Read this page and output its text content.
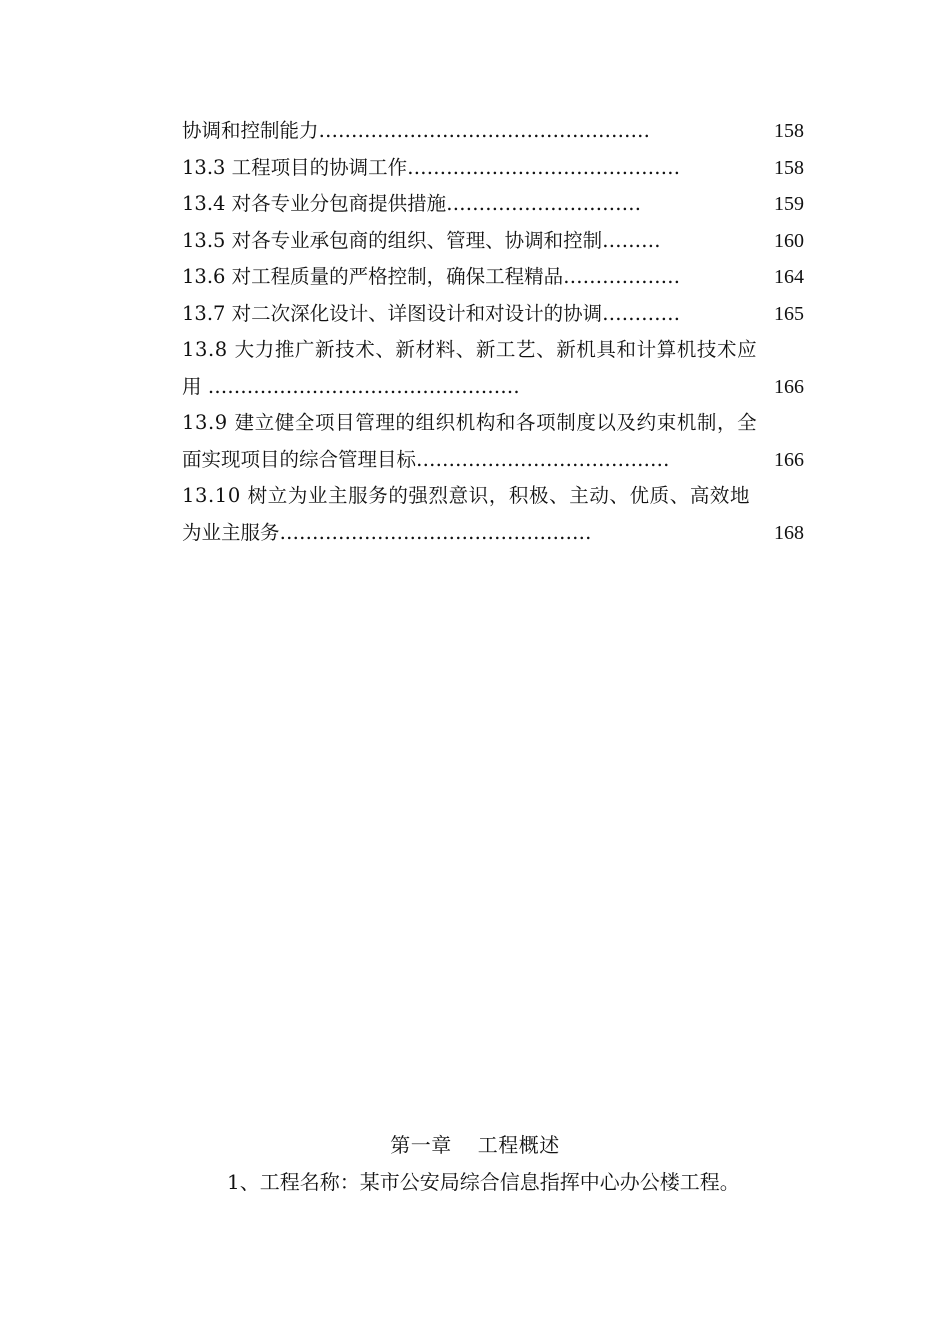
协调和控制能力……………………………………………	158
13.3 工程项目的协调工作……………………………………	158
13.4 对各专业分包商提供措施…………………………	159
13.5 对各专业承包商的组织、管理、协调和控制………	160
13.6 对工程质量的严格控制，确保工程精品………………	164
13.7 对二次深化设计、详图设计和对设计的协调…………	165
13.8 大力推广新技术、新材料、新工艺、新机具和计算机技术应
用 …………………………………………	166
13.9 建立健全项目管理的组织机构和各项制度以及约束机制，全
面实现项目的综合管理目标…………………………………	166
13.10 树立为业主服务的强烈意识，积极、主动、优质、高效地
为业主服务…………………………………………	168
第一章 工程概述
1、工程名称：某市公安局综合信息指挥中心办公楼工程。
